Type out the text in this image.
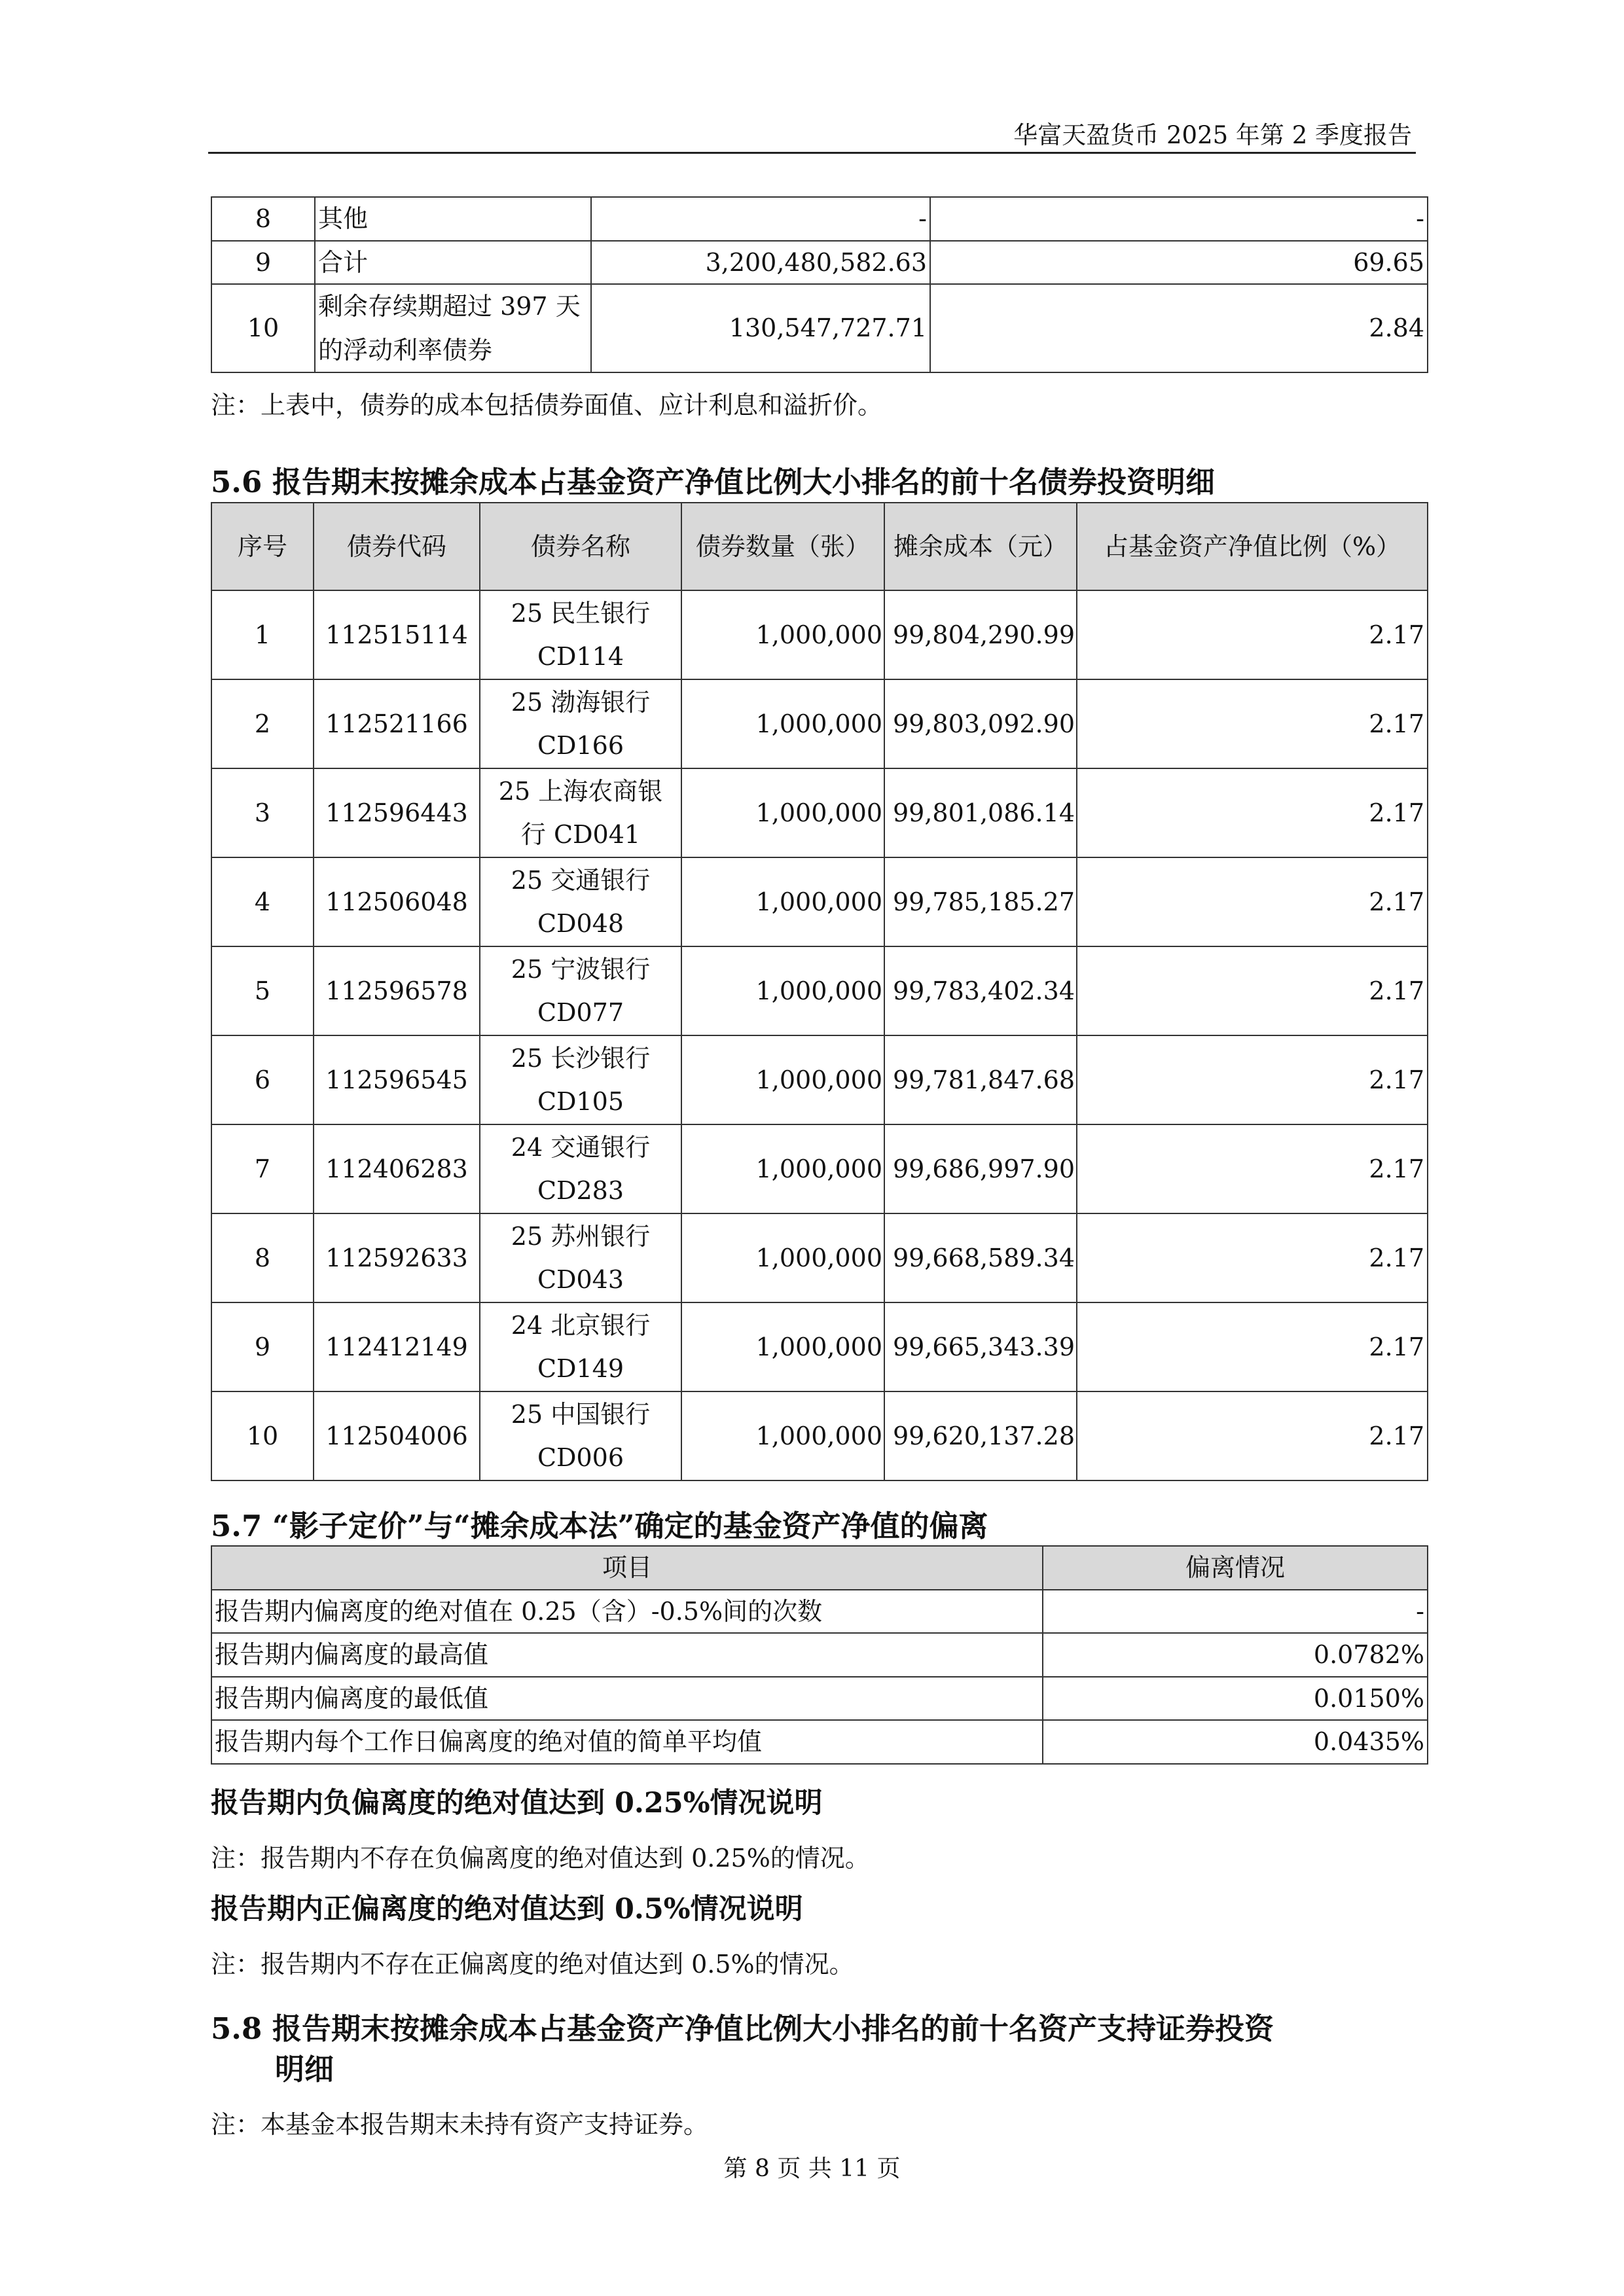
华富天盈货币 2025 年第 2 季度报告
8	其他	-	-
9	合计	3,200,480,582.63	69.65
10	剩余存续期超过 397 天的浮动利率债券	130,547,727.71	2.84
注：上表中，债券的成本包括债券面值、应计利息和溢折价。
5.6 报告期末按摊余成本占基金资产净值比例大小排名的前十名债券投资明细
序号	债券代码	债券名称	债券数量（张）	摊余成本（元）	占基金资产净值比例（%）
1	112515114	25 民生银行 CD114	1,000,000	99,804,290.99	2.17
2	112521166	25 渤海银行 CD166	1,000,000	99,803,092.90	2.17
3	112596443	25 上海农商银行 CD041	1,000,000	99,801,086.14	2.17
4	112506048	25 交通银行 CD048	1,000,000	99,785,185.27	2.17
5	112596578	25 宁波银行 CD077	1,000,000	99,783,402.34	2.17
6	112596545	25 长沙银行 CD105	1,000,000	99,781,847.68	2.17
7	112406283	24 交通银行 CD283	1,000,000	99,686,997.90	2.17
8	112592633	25 苏州银行 CD043	1,000,000	99,668,589.34	2.17
9	112412149	24 北京银行 CD149	1,000,000	99,665,343.39	2.17
10	112504006	25 中国银行 CD006	1,000,000	99,620,137.28	2.17
5.7 “影子定价”与“摊余成本法”确定的基金资产净值的偏离
项目	偏离情况
报告期内偏离度的绝对值在 0.25（含）-0.5%间的次数	-
报告期内偏离度的最高值	0.0782%
报告期内偏离度的最低值	0.0150%
报告期内每个工作日偏离度的绝对值的简单平均值	0.0435%
报告期内负偏离度的绝对值达到 0.25%情况说明
注：报告期内不存在负偏离度的绝对值达到 0.25%的情况。
报告期内正偏离度的绝对值达到 0.5%情况说明
注：报告期内不存在正偏离度的绝对值达到 0.5%的情况。
5.8 报告期末按摊余成本占基金资产净值比例大小排名的前十名资产支持证券投资
明细
注：本基金本报告期末未持有资产支持证券。
第 8 页 共 11 页
